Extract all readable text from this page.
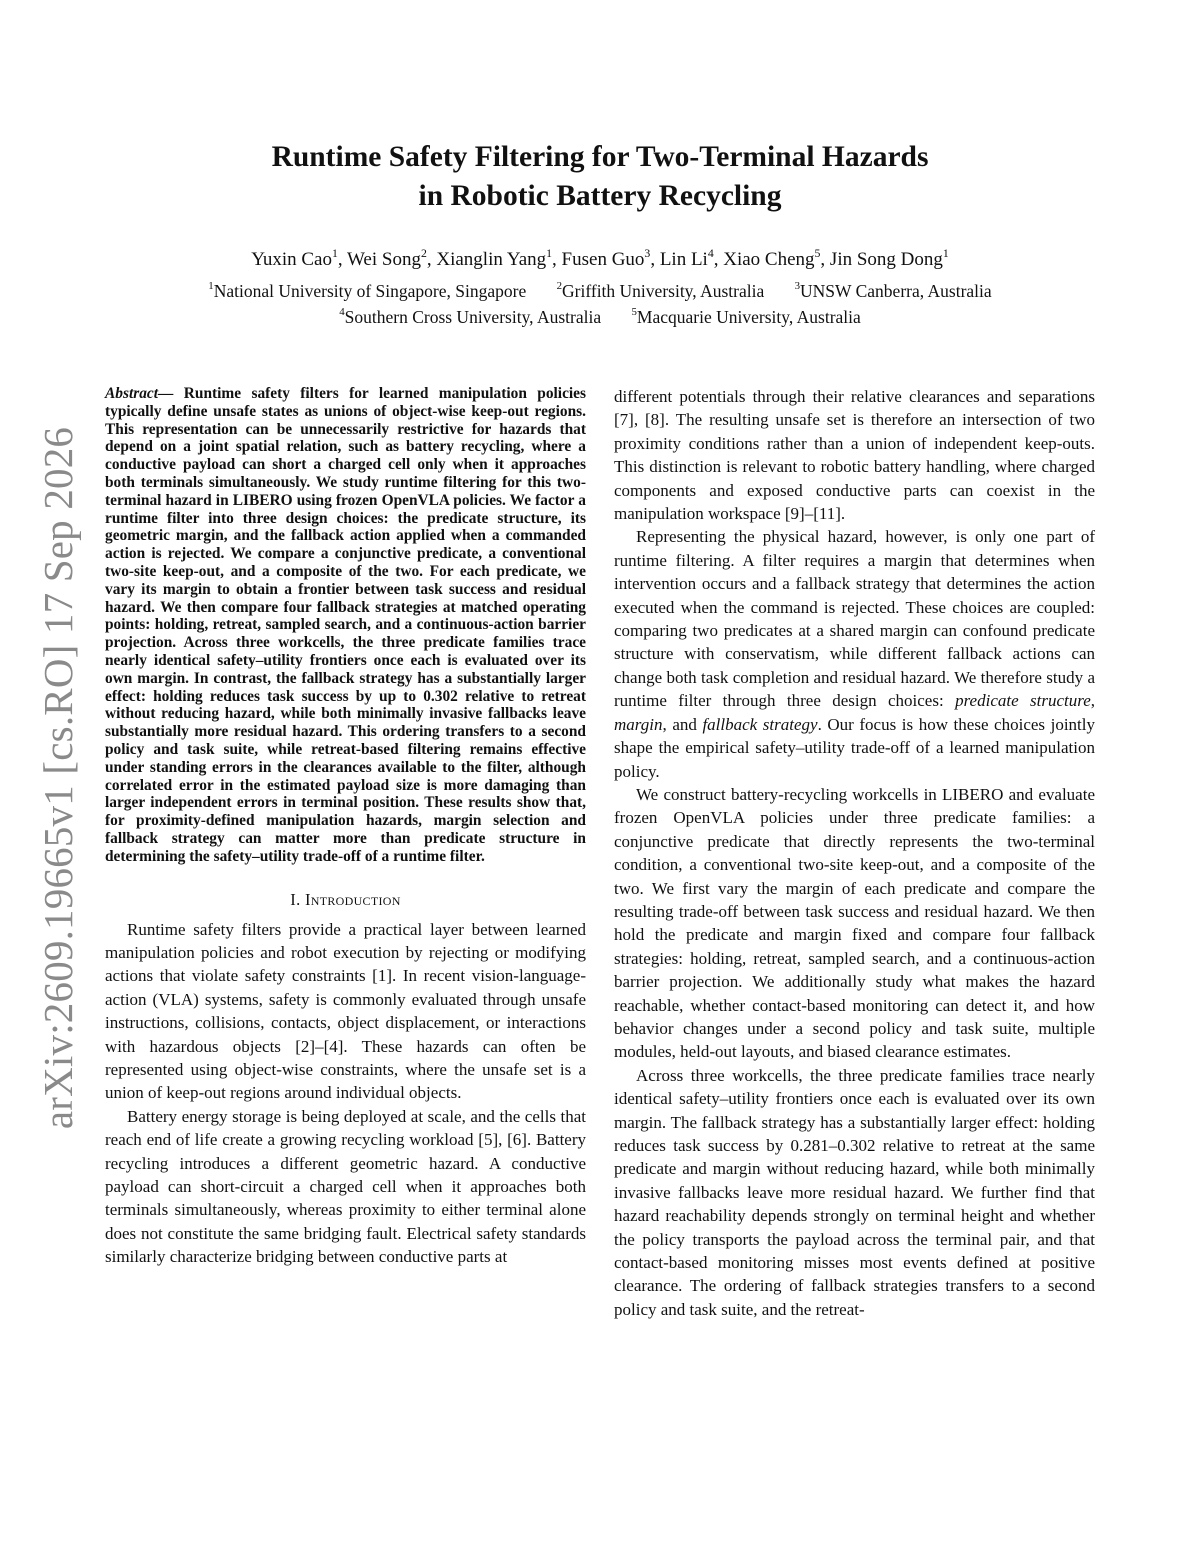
arXiv:2609.19665v1 [cs.RO] 17 Sep 2026
Runtime Safety Filtering for Two-Terminal Hazards
in Robotic Battery Recycling
Yuxin Cao$^1$, Wei Song$^2$, Xianglin Yang$^1$, Fusen Guo$^3$, Lin Li$^4$, Xiao Cheng$^5$, Jin Song Dong$^1$
$^1$National University of Singapore, Singapore	$^2$Griffith University, Australia	$^3$UNSW Canberra, Australia
$^4$Southern Cross University, Australia	$^5$Macquarie University, Australia

Abstract— Runtime safety filters for learned manipulation policies typically define unsafe states as unions of object-wise keep-out regions. This representation can be unnecessarily restrictive for hazards that depend on a joint spatial relation, such as battery recycling, where a conductive payload can short a charged cell only when it approaches both terminals simultaneously. We study runtime filtering for this two-terminal hazard in LIBERO using frozen OpenVLA policies. We factor a runtime filter into three design choices: the predicate structure, its geometric margin, and the fallback action applied when a commanded action is rejected. We compare a conjunctive predicate, a conventional two-site keep-out, and a composite of the two. For each predicate, we vary its margin to obtain a frontier between task success and residual hazard. We then compare four fallback strategies at matched operating points: holding, retreat, sampled search, and a continuous-action barrier projection. Across three workcells, the three predicate families trace nearly identical safety–utility frontiers once each is evaluated over its own margin. In contrast, the fallback strategy has a substantially larger effect: holding reduces task success by up to 0.302 relative to retreat without reducing hazard, while both minimally invasive fallbacks leave substantially more residual hazard. This ordering transfers to a second policy and task suite, while retreat-based filtering remains effective under standing errors in the clearances available to the filter, although correlated error in the estimated payload size is more damaging than larger independent errors in terminal position. These results show that, for proximity-defined manipulation hazards, margin selection and fallback strategy can matter more than predicate structure in determining the safety–utility trade-off of a runtime filter.

I. Introduction

Runtime safety filters provide a practical layer between learned manipulation policies and robot execution by rejecting or modifying actions that violate safety constraints [1]. In recent vision-language-action (VLA) systems, safety is commonly evaluated through unsafe instructions, collisions, contacts, object displacement, or interactions with hazardous objects [2]–[4]. These hazards can often be represented using object-wise constraints, where the unsafe set is a union of keep-out regions around individual objects.

Battery energy storage is being deployed at scale, and the cells that reach end of life create a growing recycling workload [5], [6]. Battery recycling introduces a different geometric hazard. A conductive payload can short-circuit a charged cell when it approaches both terminals simultaneously, whereas proximity to either terminal alone does not constitute the same bridging fault. Electrical safety standards similarly characterize bridging between conductive parts at

different potentials through their relative clearances and separations [7], [8]. The resulting unsafe set is therefore an intersection of two proximity conditions rather than a union of independent keep-outs. This distinction is relevant to robotic battery handling, where charged components and exposed conductive parts can coexist in the manipulation workspace [9]–[11].

Representing the physical hazard, however, is only one part of runtime filtering. A filter requires a margin that determines when intervention occurs and a fallback strategy that determines the action executed when the command is rejected. These choices are coupled: comparing two predicates at a shared margin can confound predicate structure with conservatism, while different fallback actions can change both task completion and residual hazard. We therefore study a runtime filter through three design choices: predicate structure, margin, and fallback strategy. Our focus is how these choices jointly shape the empirical safety–utility trade-off of a learned manipulation policy.

We construct battery-recycling workcells in LIBERO and evaluate frozen OpenVLA policies under three predicate families: a conjunctive predicate that directly represents the two-terminal condition, a conventional two-site keep-out, and a composite of the two. We first vary the margin of each predicate and compare the resulting trade-off between task success and residual hazard. We then hold the predicate and margin fixed and compare four fallback strategies: holding, retreat, sampled search, and a continuous-action barrier projection. We additionally study what makes the hazard reachable, whether contact-based monitoring can detect it, and how behavior changes under a second policy and task suite, multiple modules, held-out layouts, and biased clearance estimates.

Across three workcells, the three predicate families trace nearly identical safety–utility frontiers once each is evaluated over its own margin. The fallback strategy has a substantially larger effect: holding reduces task success by 0.281–0.302 relative to retreat at the same predicate and margin without reducing hazard, while both minimally invasive fallbacks leave more residual hazard. We further find that hazard reachability depends strongly on terminal height and whether the policy transports the payload across the terminal pair, and that contact-based monitoring misses most events defined at positive clearance. The ordering of fallback strategies transfers to a second policy and task suite, and the retreat-
